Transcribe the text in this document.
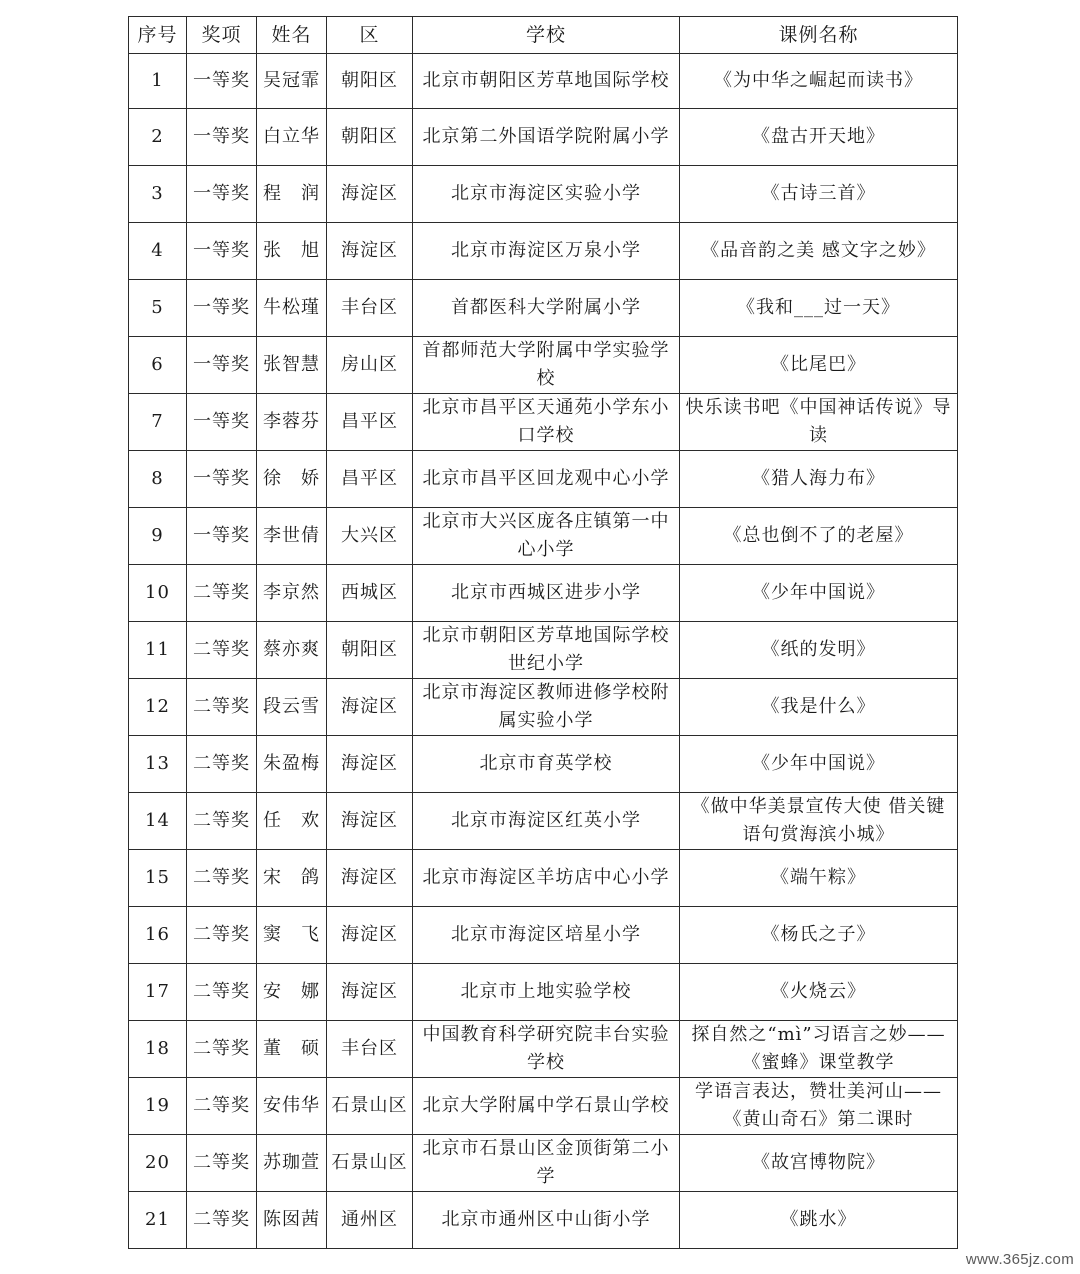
序号	奖项	姓名	区	学校	课例名称
1	一等奖	吴冠霏	朝阳区	北京市朝阳区芳草地国际学校	《为中华之崛起而读书》
2	一等奖	白立华	朝阳区	北京第二外国语学院附属小学	《盘古开天地》
3	一等奖	程　润	海淀区	北京市海淀区实验小学	《古诗三首》
4	一等奖	张　旭	海淀区	北京市海淀区万泉小学	《品音韵之美 感文字之妙》
5	一等奖	牛松瑾	丰台区	首都医科大学附属小学	《我和___过一天》
6	一等奖	张智慧	房山区	首都师范大学附属中学实验学校	《比尾巴》
7	一等奖	李蓉芬	昌平区	北京市昌平区天通苑小学东小口学校	快乐读书吧《中国神话传说》导读
8	一等奖	徐　娇	昌平区	北京市昌平区回龙观中心小学	《猎人海力布》
9	一等奖	李世倩	大兴区	北京市大兴区庞各庄镇第一中心小学	《总也倒不了的老屋》
10	二等奖	李京然	西城区	北京市西城区进步小学	《少年中国说》
11	二等奖	蔡亦爽	朝阳区	北京市朝阳区芳草地国际学校世纪小学	《纸的发明》
12	二等奖	段云雪	海淀区	北京市海淀区教师进修学校附属实验小学	《我是什么》
13	二等奖	朱盈梅	海淀区	北京市育英学校	《少年中国说》
14	二等奖	任　欢	海淀区	北京市海淀区红英小学	《做中华美景宣传大使 借关键语句赏海滨小城》
15	二等奖	宋　鸽	海淀区	北京市海淀区羊坊店中心小学	《端午粽》
16	二等奖	窦　飞	海淀区	北京市海淀区培星小学	《杨氏之子》
17	二等奖	安　娜	海淀区	北京市上地实验学校	《火烧云》
18	二等奖	董　硕	丰台区	中国教育科学研究院丰台实验学校	探自然之“mì”习语言之妙——《蜜蜂》课堂教学
19	二等奖	安伟华	石景山区	北京大学附属中学石景山学校	学语言表达，赞壮美河山——《黄山奇石》第二课时
20	二等奖	苏珈萱	石景山区	北京市石景山区金顶街第二小学	《故宫博物院》
21	二等奖	陈囡茜	通州区	北京市通州区中山街小学	《跳水》
www.365jz.com
